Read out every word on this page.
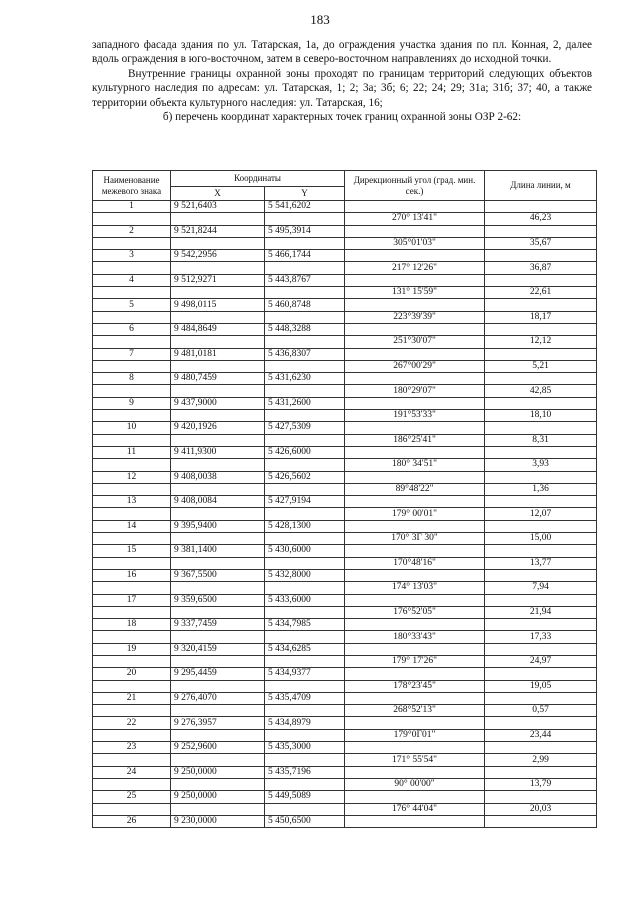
183

западного фасада здания по ул. Татарская, 1а, до ограждения участка здания по пл. Конная, 2, далее вдоль ограждения в юго-восточном, затем в северо-восточном направлениях до исходной точки.

Внутренние границы охранной зоны проходят по границам территорий следующих объектов культурного наследия по адресам: ул. Татарская, 1; 2; 3а; 3б; 6; 22; 24; 29; 31а; 31б; 37; 40, а также территории объекта культурного наследия: ул. Татарская, 16;

б) перечень координат характерных точек границ охранной зоны ОЗР 2-62:

Наименование межевого знака	Координаты		Дирекционный угол (град. мин. сек.)	Длина линии, м
	X	Y		
1	9 521,6403	5 541,6202		
			270° 13'41"	46,23
2	9 521,8244	5 495,3914		
			305°01'03"	35,67
3	9 542,2956	5 466,1744		
			217° 12'26"	36,87
4	9 512,9271	5 443,8767		
			131° 15'59"	22,61
5	9 498,0115	5 460,8748		
			223°39'39"	18,17
6	9 484,8649	5 448,3288		
			251°30'07"	12,12
7	9 481,0181	5 436,8307		
			267°00'29"	5,21
8	9 480,7459	5 431,6230		
			180°29'07"	42,85
9	9 437,9000	5 431,2600		
			191°53'33"	18,10
10	9 420,1926	5 427,5309		
			186°25'41"	8,31
11	9 411,9300	5 426,6000		
			180° 34'51"	3,93
12	9 408,0038	5 426,5602		
			89°48'22"	1,36
13	9 408,0084	5 427,9194		
			179° 00'01"	12,07
14	9 395,9400	5 428,1300		
			170° 3Г 30"	15,00
15	9 381,1400	5 430,6000		
			170°48'16"	13,77
16	9 367,5500	5 432,8000		
			174° 13'03"	7,94
17	9 359,6500	5 433,6000		
			176°52'05"	21,94
18	9 337,7459	5 434,7985		
			180°33'43"	17,33
19	9 320,4159	5 434,6285		
			179° 17'26"	24,97
20	9 295,4459	5 434,9377		
			178°23'45"	19,05
21	9 276,4070	5 435,4709		
			268°52'13"	0,57
22	9 276,3957	5 434,8979		
			179°0Г01"	23,44
23	9 252,9600	5 435,3000		
			171° 55'54"	2,99
24	9 250,0000	5 435,7196		
			90° 00'00"	13,79
25	9 250,0000	5 449,5089		
			176° 44'04"	20,03
26	9 230,0000	5 450,6500		
